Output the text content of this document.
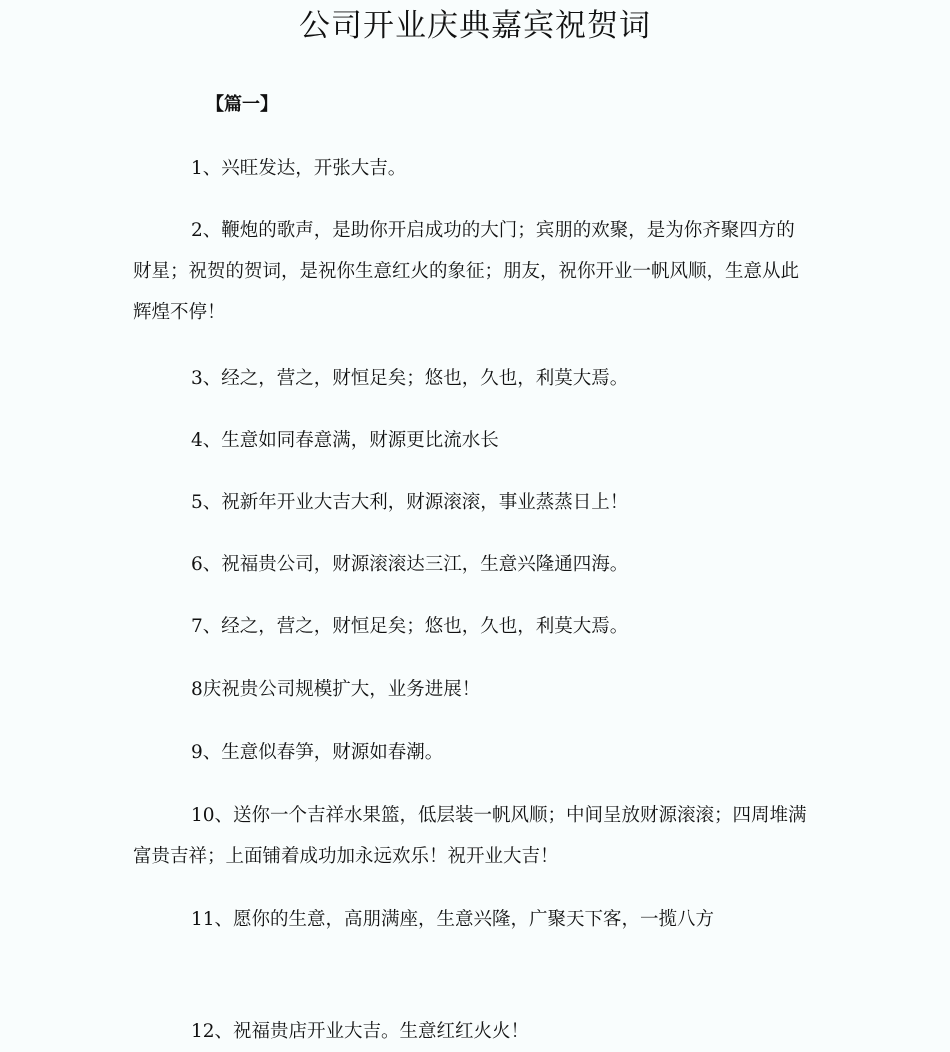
公司开业庆典嘉宾祝贺词
【篇一】

1、兴旺发达，开张大吉。

2、鞭炮的歌声，是助你开启成功的大门；宾朋的欢聚，是为你齐聚四方的财星；祝贺的贺词，是祝你生意红火的象征；朋友，祝你开业一帆风顺，生意从此辉煌不停！

3、经之，营之，财恒足矣；悠也，久也，利莫大焉。

4、生意如同春意满，财源更比流水长

5、祝新年开业大吉大利，财源滚滚，事业蒸蒸日上！

6、祝福贵公司，财源滚滚达三江，生意兴隆通四海。

7、经之，营之，财恒足矣；悠也，久也，利莫大焉。

8庆祝贵公司规模扩大，业务进展！

9、生意似春笋，财源如春潮。

10、送你一个吉祥水果篮，低层装一帆风顺；中间呈放财源滚滚；四周堆满富贵吉祥；上面铺着成功加永远欢乐！祝开业大吉！

11、愿你的生意，高朋满座，生意兴隆，广聚天下客，一揽八方

12、祝福贵店开业大吉。生意红红火火！
